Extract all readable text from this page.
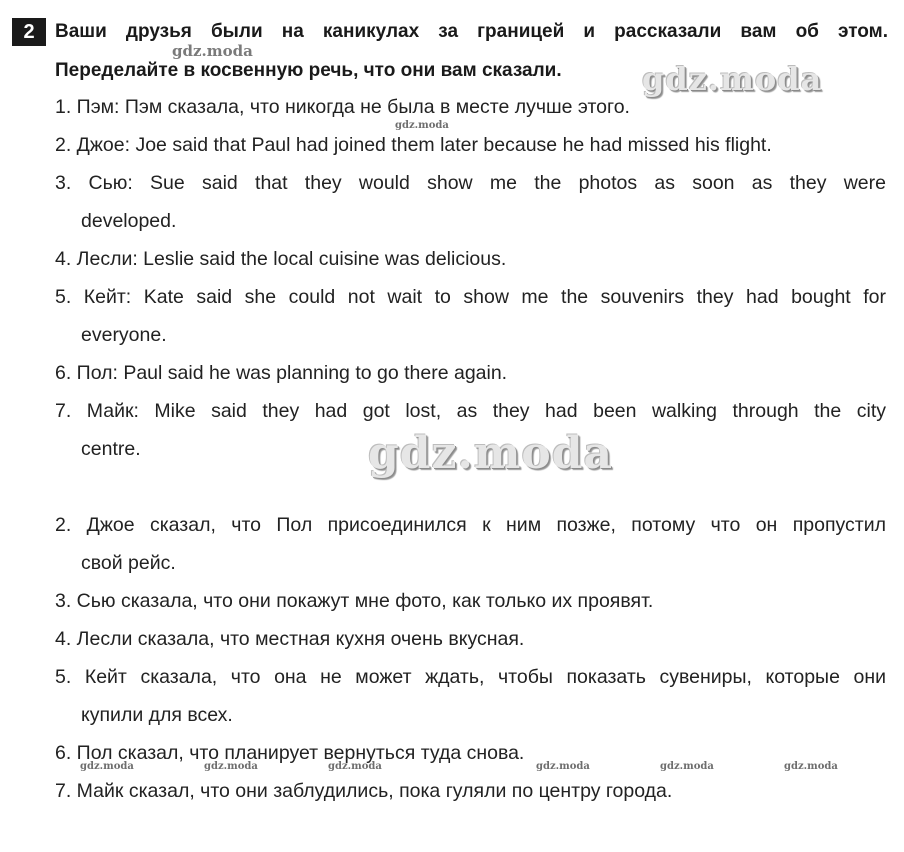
2	Ваши друзья были на каникулах за границей и рассказали вам об этом.
Переделайте в косвенную речь, что они вам сказали.
1. Пэм: Пэм сказала, что никогда не была в месте лучше этого.
2. Джое: Joe said that Paul had joined them later because he had missed his flight.
3. Сью: Sue said that they would show me the photos as soon as they were
developed.
4. Лесли: Leslie said the local cuisine was delicious.
5. Кейт: Kate said she could not wait to show me the souvenirs they had bought for
everyone.
6. Пол: Paul said he was planning to go there again.
7. Майк: Mike said they had got lost, as they had been walking through the city
centre.
2. Джое сказал, что Пол присоединился к ним позже, потому что он пропустил
свой рейс.
3. Сью сказала, что они покажут мне фото, как только их проявят.
4. Лесли сказала, что местная кухня очень вкусная.
5. Кейт сказала, что она не может ждать, чтобы показать сувениры, которые они
купили для всех.
6. Пол сказал, что планирует вернуться туда снова.
7. Майк сказал, что они заблудились, пока гуляли по центру города.
gdz.moda
gdz.moda
gdz.moda
gdz.moda
gdz.moda	gdz.moda	gdz.moda	gdz.moda	gdz.moda	gdz.moda
